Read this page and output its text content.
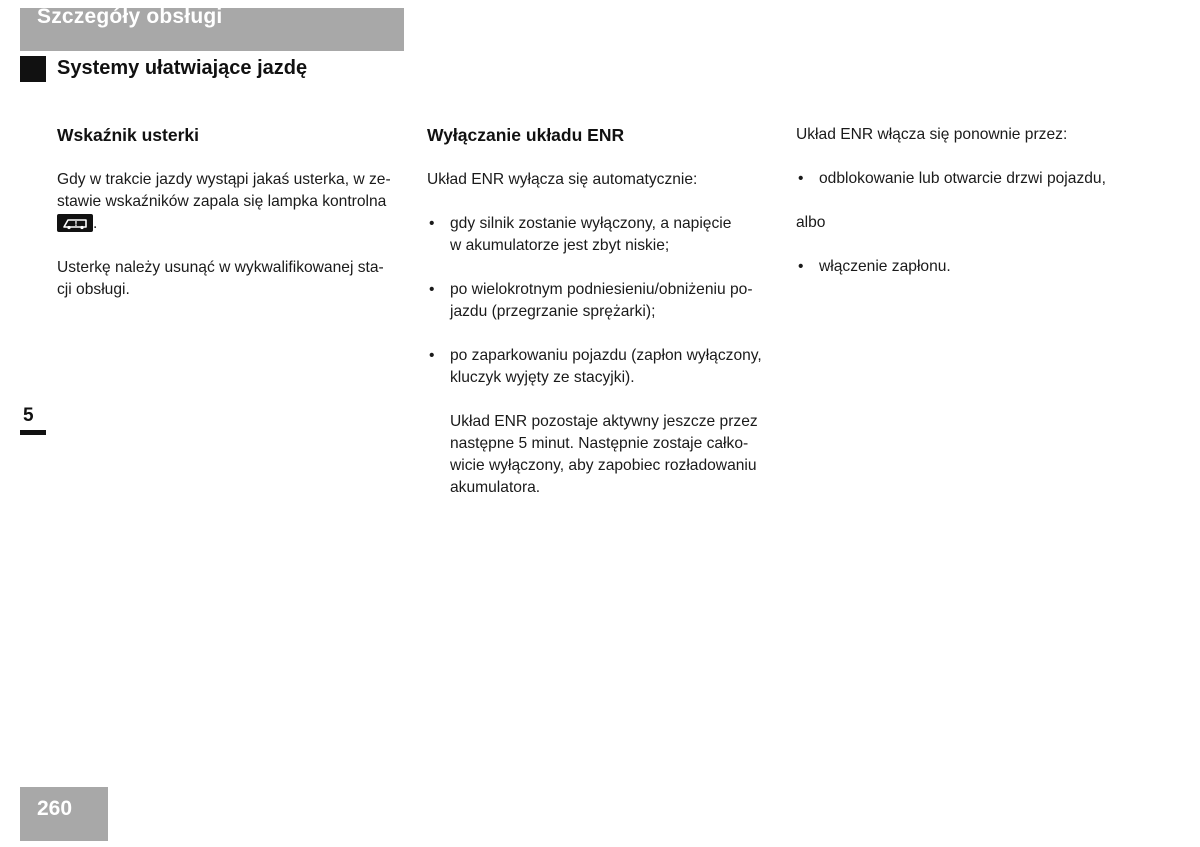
Szczegóły obsługi
Systemy ułatwiające jazdę
Wskaźnik usterki

Gdy w trakcie jazdy wystąpi jakaś usterka, w ze-
stawie wskaźników zapala się lampka kontrolna

! .

Usterkę należy usunąć w wykwalifikowanej sta-
cji obsługi.

Wyłączanie układu ENR

Układ ENR wyłącza się automatycznie:

• gdy silnik zostanie wyłączony, a napięcie
w akumulatorze jest zbyt niskie;
• po wielokrotnym podniesieniu/obniżeniu po-
jazdu (przegrzanie sprężarki);
• po zaparkowaniu pojazdu (zapłon wyłączony,
kluczyk wyjęty ze stacyjki).

Układ ENR pozostaje aktywny jeszcze przez
następne 5 minut. Następnie zostaje całko-
wicie wyłączony, aby zapobiec rozładowaniu
akumulatora.

Układ ENR włącza się ponownie przez:

• odblokowanie lub otwarcie drzwi pojazdu,

albo

• włączenie zapłonu.
5
260
